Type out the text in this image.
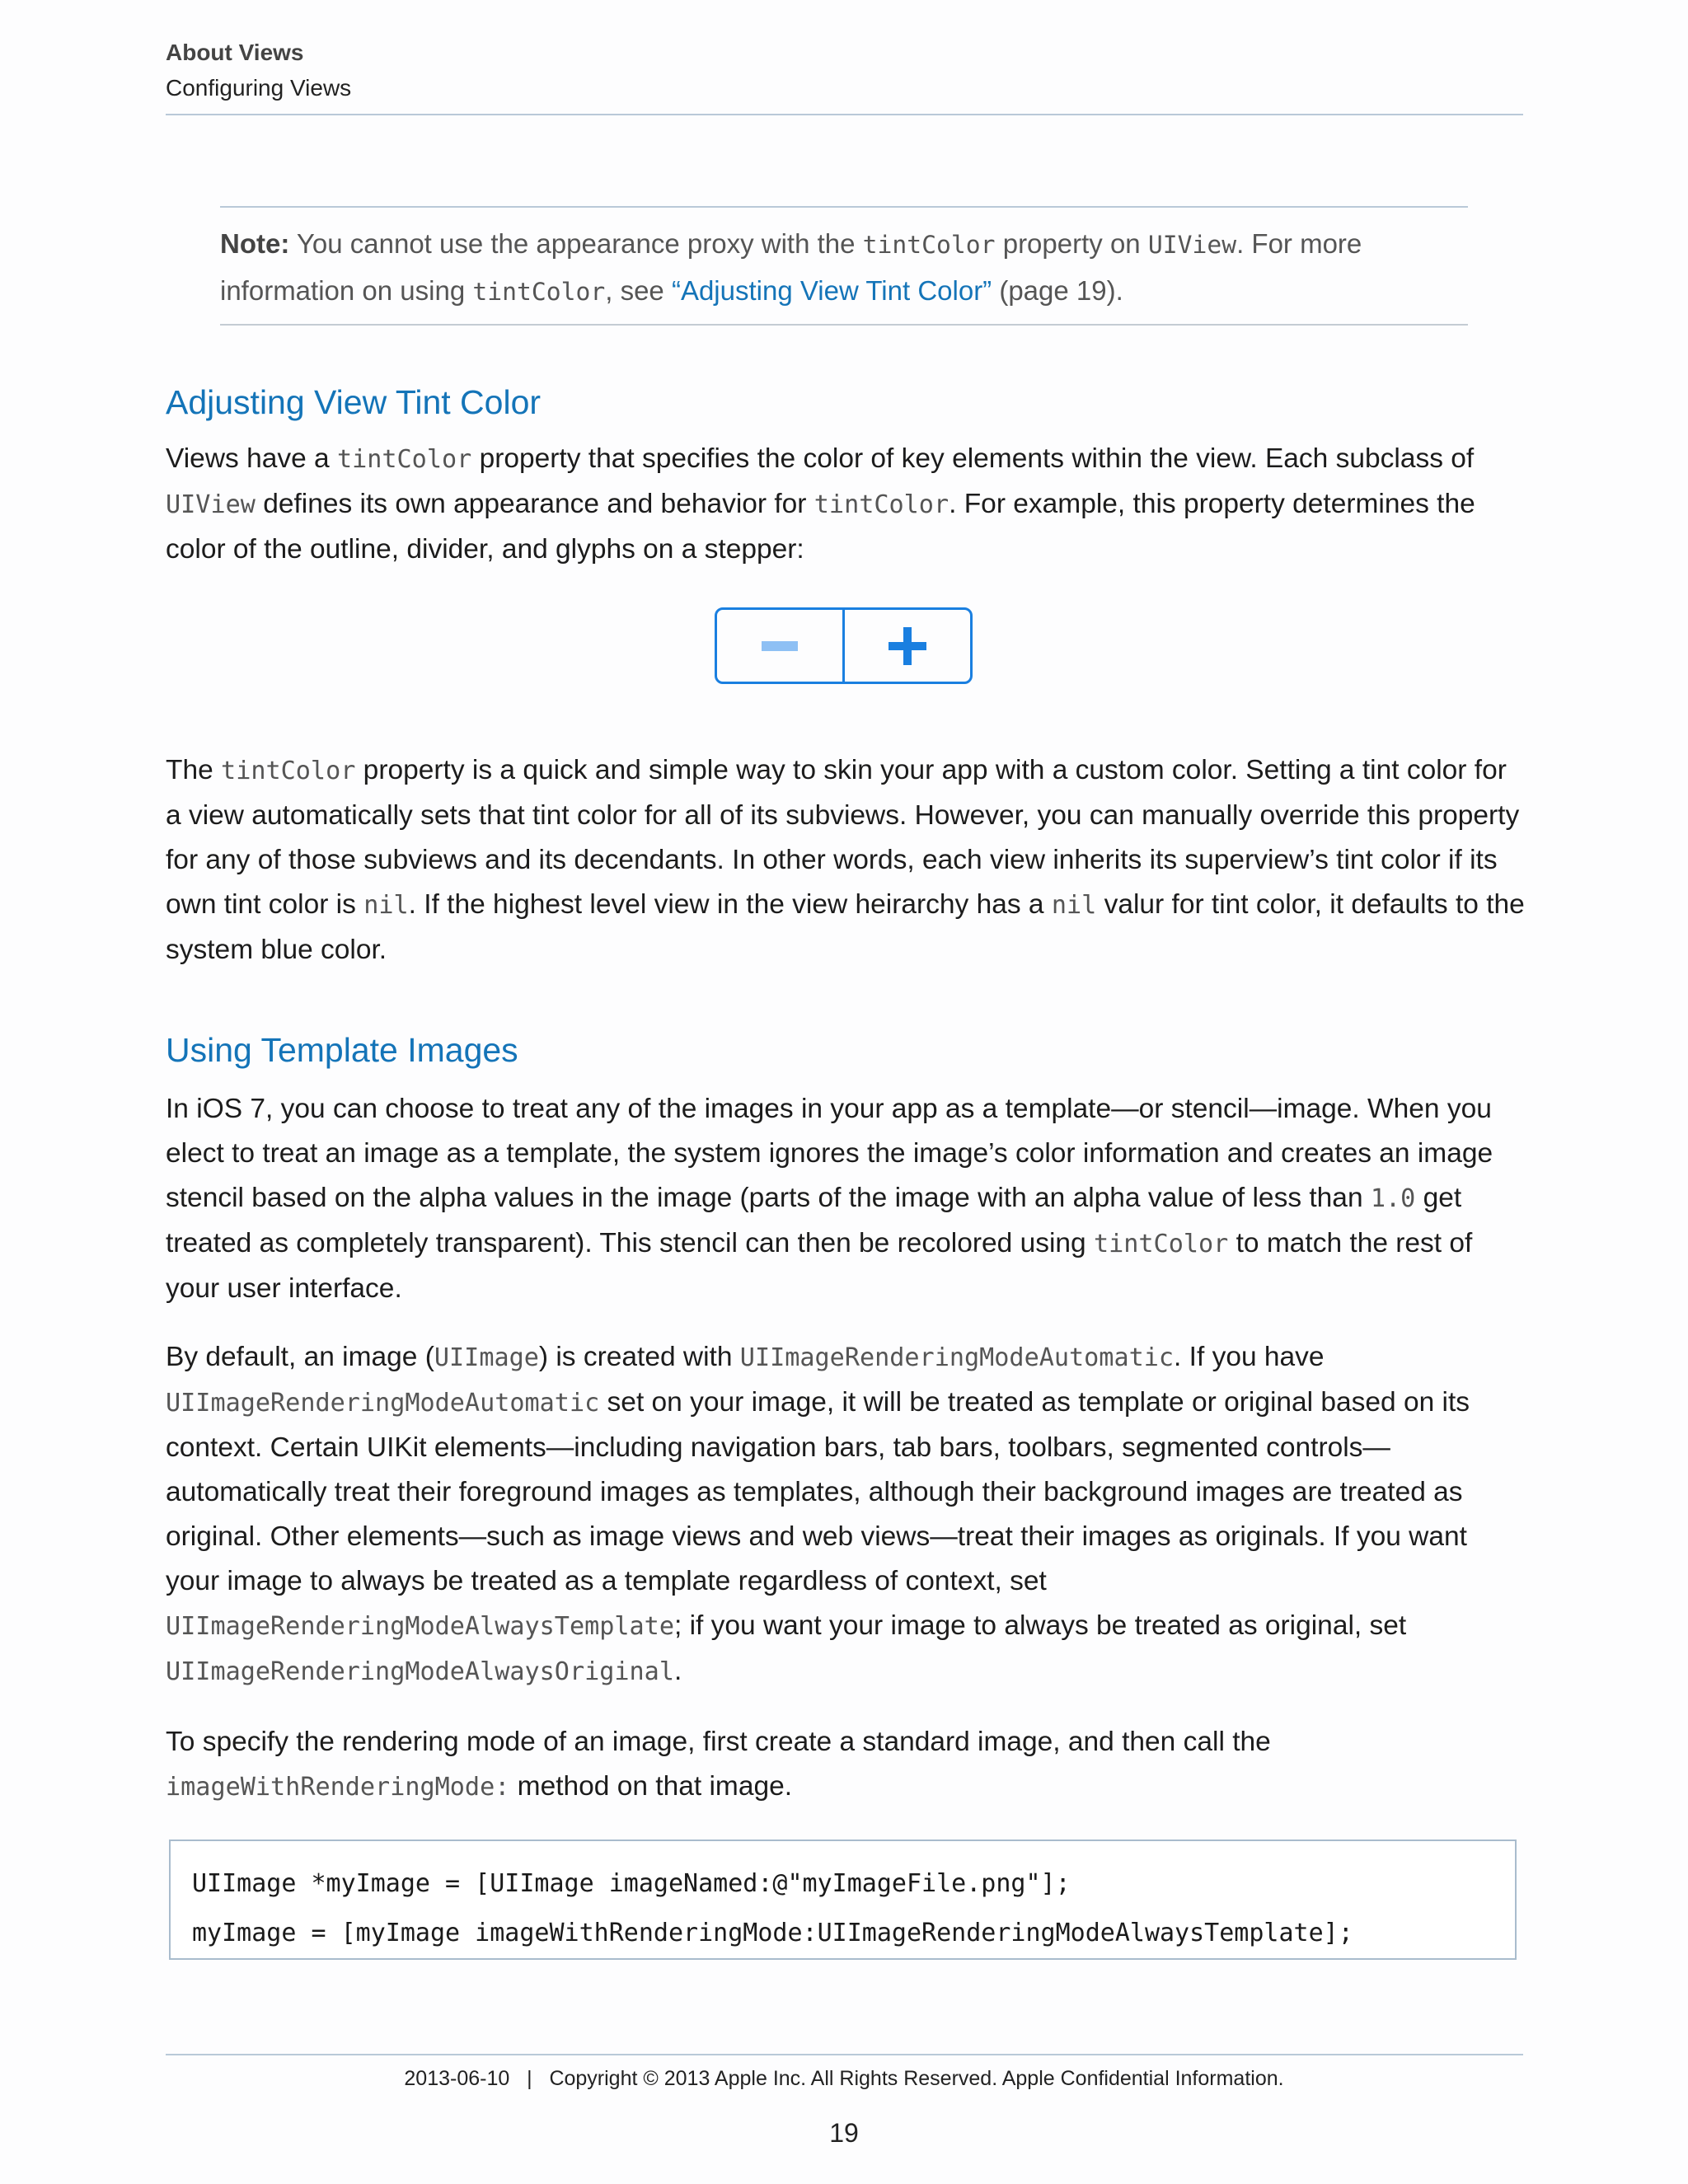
About Views
Configuring Views
Note: You cannot use the appearance proxy with the tintColor property on UIView. For more information on using tintColor, see “Adjusting View Tint Color” (page 19).
Adjusting View Tint Color
Views have a tintColor property that specifies the color of key elements within the view. Each subclass of UIView defines its own appearance and behavior for tintColor. For example, this property determines the color of the outline, divider, and glyphs on a stepper:
The tintColor property is a quick and simple way to skin your app with a custom color. Setting a tint color for a view automatically sets that tint color for all of its subviews. However, you can manually override this property for any of those subviews and its decendants. In other words, each view inherits its superview’s tint color if its own tint color is nil. If the highest level view in the view heirarchy has a nil valur for tint color, it defaults to the system blue color.
Using Template Images
In iOS 7, you can choose to treat any of the images in your app as a template—or stencil—image. When you elect to treat an image as a template, the system ignores the image’s color information and creates an image stencil based on the alpha values in the image (parts of the image with an alpha value of less than 1.0 get treated as completely transparent). This stencil can then be recolored using tintColor to match the rest of your user interface.
By default, an image (UIImage) is created with UIImageRenderingModeAutomatic. If you have UIImageRenderingModeAutomatic set on your image, it will be treated as template or original based on its context. Certain UIKit elements—including navigation bars, tab bars, toolbars, segmented controls—automatically treat their foreground images as templates, although their background images are treated as original. Other elements—such as image views and web views—treat their images as originals. If you want your image to always be treated as a template regardless of context, set UIImageRenderingModeAlwaysTemplate; if you want your image to always be treated as original, set UIImageRenderingModeAlwaysOriginal.
To specify the rendering mode of an image, first create a standard image, and then call the imageWithRenderingMode: method on that image.
UIImage *myImage = [UIImage imageNamed:@"myImageFile.png"];
myImage = [myImage imageWithRenderingMode:UIImageRenderingModeAlwaysTemplate];
2013-06-10   |   Copyright © 2013 Apple Inc. All Rights Reserved. Apple Confidential Information.
19
